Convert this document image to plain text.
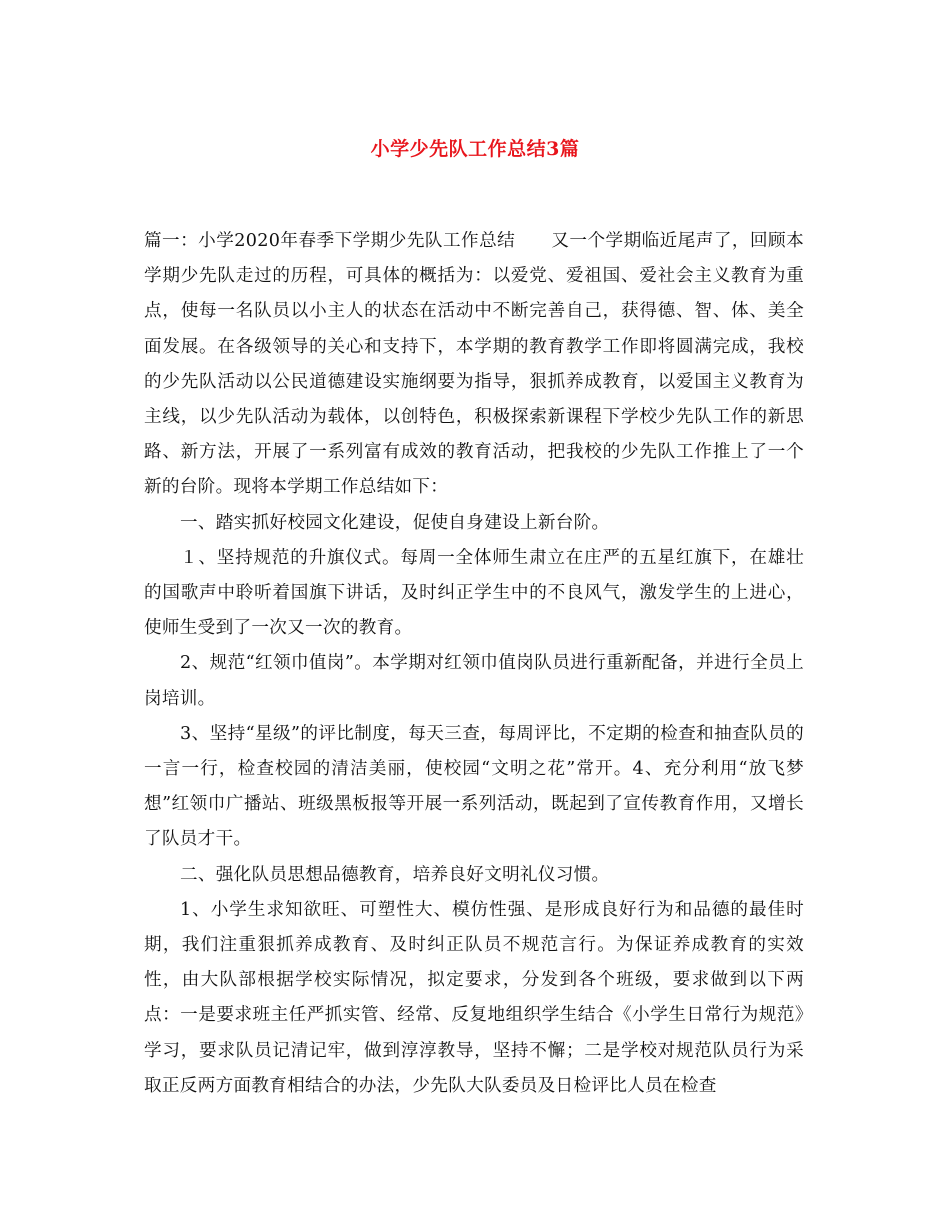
小学少先队工作总结3篇

篇一：小学2020年春季下学期少先队工作总结　　又一个学期临近尾声了，回顾本学期少先队走过的历程，可具体的概括为：以爱党、爱祖国、爱社会主义教育为重点，使每一名队员以小主人的状态在活动中不断完善自己，获得德、智、体、美全面发展。在各级领导的关心和支持下，本学期的教育教学工作即将圆满完成，我校的少先队活动以公民道德建设实施纲要为指导，狠抓养成教育，以爱国主义教育为主线，以少先队活动为载体，以创特色，积极探索新课程下学校少先队工作的新思路、新方法，开展了一系列富有成效的教育活动，把我校的少先队工作推上了一个新的台阶。现将本学期工作总结如下：

一、踏实抓好校园文化建设，促使自身建设上新台阶。

１、坚持规范的升旗仪式。每周一全体师生肃立在庄严的五星红旗下，在雄壮的国歌声中聆听着国旗下讲话，及时纠正学生中的不良风气，激发学生的上进心，使师生受到了一次又一次的教育。

2、规范“红领巾值岗”。本学期对红领巾值岗队员进行重新配备，并进行全员上岗培训。

3、坚持“星级”的评比制度，每天三查，每周评比，不定期的检查和抽查队员的一言一行，检查校园的清洁美丽，使校园“文明之花”常开。4、充分利用“放飞梦想”红领巾广播站、班级黑板报等开展一系列活动，既起到了宣传教育作用，又增长了队员才干。

二、强化队员思想品德教育，培养良好文明礼仪习惯。

1、小学生求知欲旺、可塑性大、模仿性强、是形成良好行为和品德的最佳时期，我们注重狠抓养成教育、及时纠正队员不规范言行。为保证养成教育的实效性，由大队部根据学校实际情况，拟定要求，分发到各个班级，要求做到以下两点：一是要求班主任严抓实管、经常、反复地组织学生结合《小学生日常行为规范》学习，要求队员记清记牢，做到淳淳教导，坚持不懈；二是学校对规范队员行为采取正反两方面教育相结合的办法，少先队大队委员及日检评比人员在检查
